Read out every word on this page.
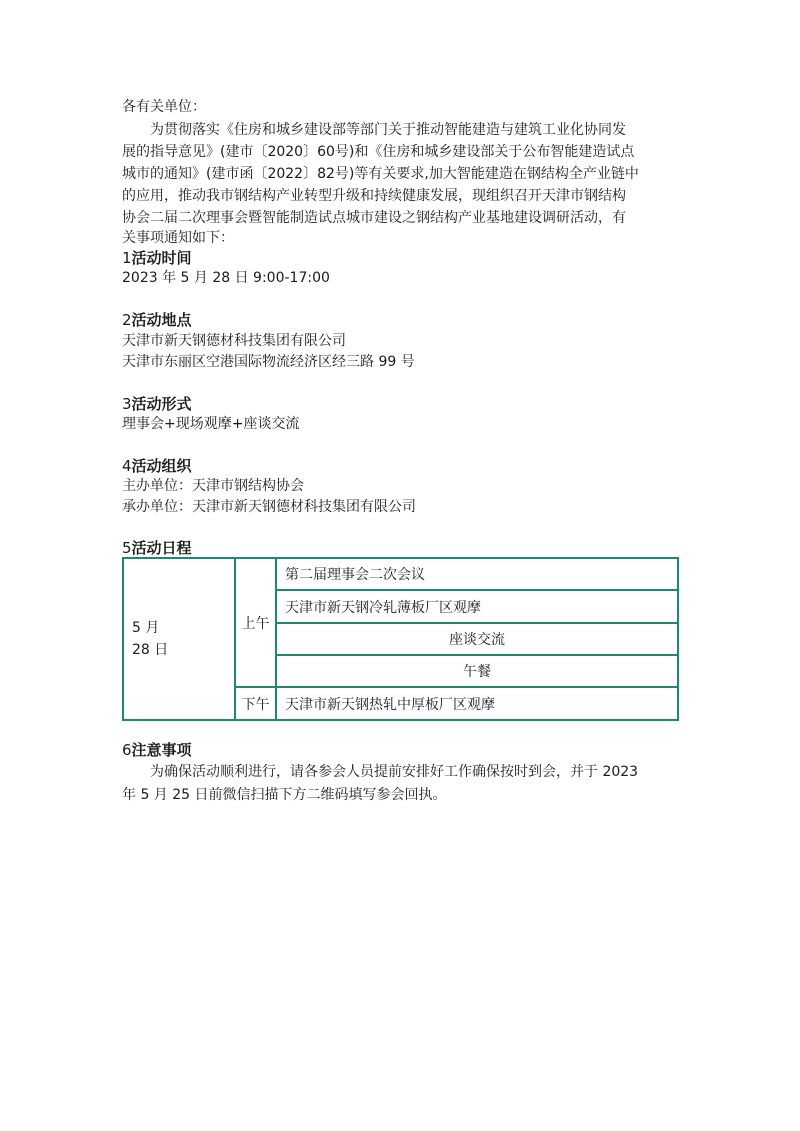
各有关单位：
为贯彻落实《住房和城乡建设部等部门关于推动智能建造与建筑工业化协同发
展的指导意见》(建市〔2020〕60号)和《住房和城乡建设部关于公布智能建造试点
城市的通知》(建市函〔2022〕82号)等有关要求,加大智能建造在钢结构全产业链中
的应用，推动我市钢结构产业转型升级和持续健康发展，现组织召开天津市钢结构
协会二届二次理事会暨智能制造试点城市建设之钢结构产业基地建设调研活动，有
关事项通知如下：
1活动时间
2023 年 5 月 28 日 9:00-17:00
2活动地点
天津市新天钢德材科技集团有限公司
天津市东丽区空港国际物流经济区经三路 99 号
3活动形式
理事会+现场观摩+座谈交流
4活动组织
主办单位：天津市钢结构协会
承办单位：天津市新天钢德材科技集团有限公司
5活动日程
5 月
28 日	上午	第二届理事会二次会议
		天津市新天钢冷轧薄板厂区观摩
		座谈交流
		午餐
	下午	天津市新天钢热轧中厚板厂区观摩
6注意事项
为确保活动顺利进行，请各参会人员提前安排好工作确保按时到会，并于 2023
年 5 月 25 日前微信扫描下方二维码填写参会回执。
